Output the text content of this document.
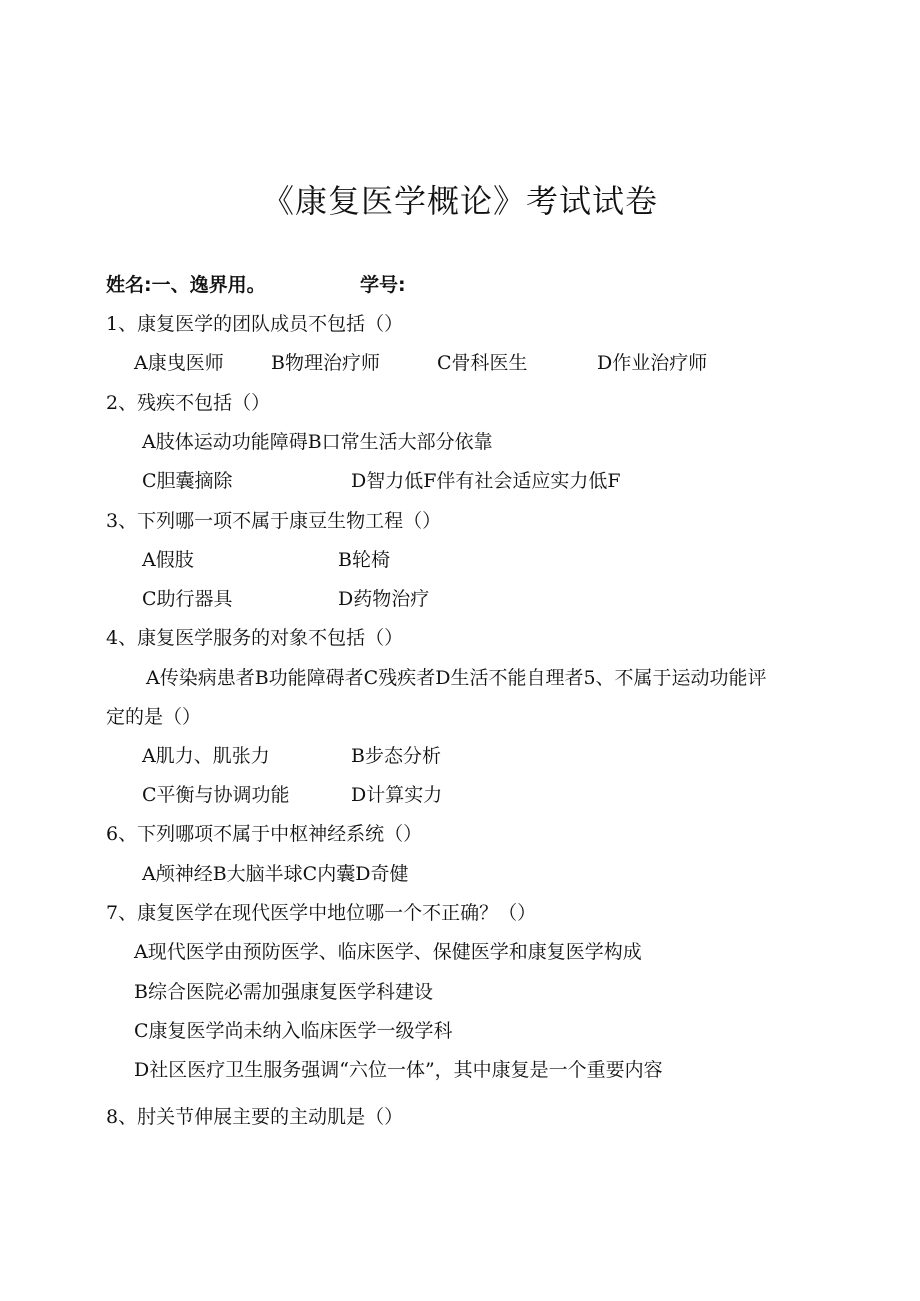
《康复医学概论》考试试卷
姓名:一、逸界用。	学号:
1、康复医学的团队成员不包括（）
A康曳医师 B物理治疗师	C骨科医生	D作业治疗师
2、残疾不包括（）
A肢体运动功能障碍B口常生活大部分依靠
C胆囊摘除	D智力低F伴有社会适应实力低F
3、下列哪一项不属于康豆生物工程（）
A假肢	B轮椅
C助行器具	D药物治疗
4、康复医学服务的对象不包括（）
A传染病患者B功能障碍者C残疾者D生活不能自理者5、不属于运动功能评
定的是（）
A肌力、肌张力	B步态分析
C平衡与协调功能	D计算实力
6、下列哪项不属于中枢神经系统（）
A颅神经B大脑半球C内囊D奇健
7、康复医学在现代医学中地位哪一个不正确？（）
A现代医学由预防医学、临床医学、保健医学和康复医学构成
B综合医院必需加强康复医学科建设
C康复医学尚未纳入临床医学一级学科
D社区医疗卫生服务强调“六位一体”，其中康复是一个重要内容
8、肘关节伸展主要的主动肌是（）
